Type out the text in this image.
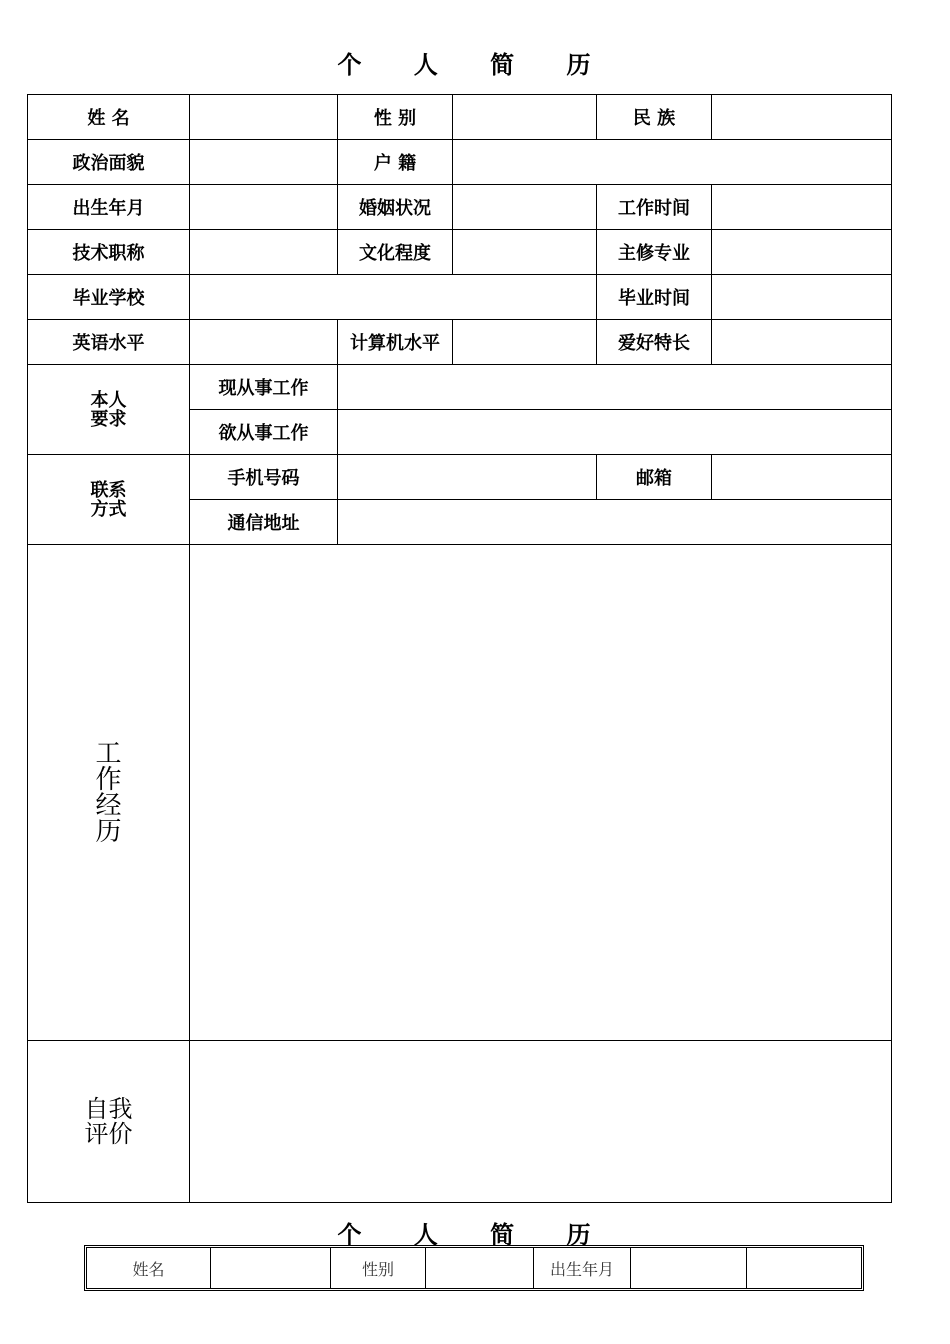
个 人 简 历
姓 名	性 别	民 族
政治面貌	户 籍
出生年月	婚姻状况	工作时间
技术职称	文化程度	主修专业
毕业学校	毕业时间
英语水平	计算机水平	爱好特长
本人
要求
现从事工作
欲从事工作
联系
方式
手机号码	邮箱
通信地址
工
作
经
历
自我
评价
个 人 简 历
姓名	性别	出生年月
